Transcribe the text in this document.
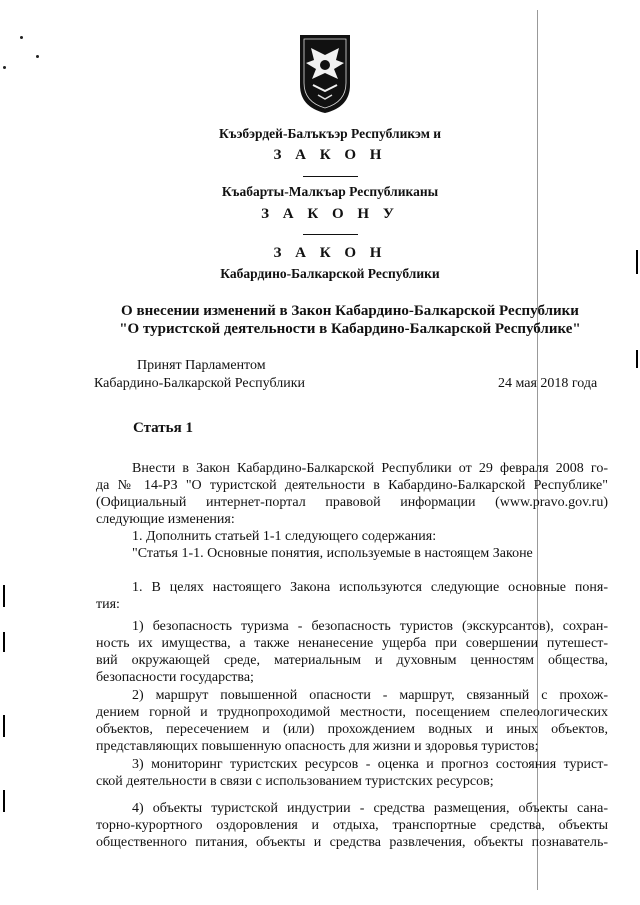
Къэбэрдей-Балъкъэр Республикэм и
З А К О Н
Къабарты-Малкъар Республиканы
З А К О Н У
З А К О Н
Кабардино-Балкарской Республики
О внесении изменений в Закон Кабардино-Балкарской Республики
"О туристской деятельности в Кабардино-Балкарской Республике"
Принят Парламентом
Кабардино-Балкарской Республики	24 мая 2018 года
Статья 1
Внести в Закон Кабардино-Балкарской Республики от 29 февраля 2008 го-
да № 14-РЗ "О туристской деятельности в Кабардино-Балкарской Республике"
(Официальный интернет-портал правовой информации (www.pravo.gov.ru)
следующие изменения:
1. Дополнить статьей 1-1 следующего содержания:
"Статья 1-1. Основные понятия, используемые в настоящем Законе
1. В целях настоящего Закона используются следующие основные поня-
тия:
1) безопасность туризма - безопасность туристов (экскурсантов), сохран-
ность их имущества, а также ненанесение ущерба при совершении путешест-
вий окружающей среде, материальным и духовным ценностям общества,
безопасности государства;
2) маршрут повышенной опасности - маршрут, связанный с прохож-
дением горной и труднопроходимой местности, посещением спелеологических
объектов, пересечением и (или) прохождением водных и иных объектов,
представляющих повышенную опасность для жизни и здоровья туристов;
3) мониторинг туристских ресурсов - оценка и прогноз состояния турист-
ской деятельности в связи с использованием туристских ресурсов;
4) объекты туристской индустрии - средства размещения, объекты сана-
торно-курортного оздоровления и отдыха, транспортные средства, объекты
общественного питания, объекты и средства развлечения, объекты познаватель-
